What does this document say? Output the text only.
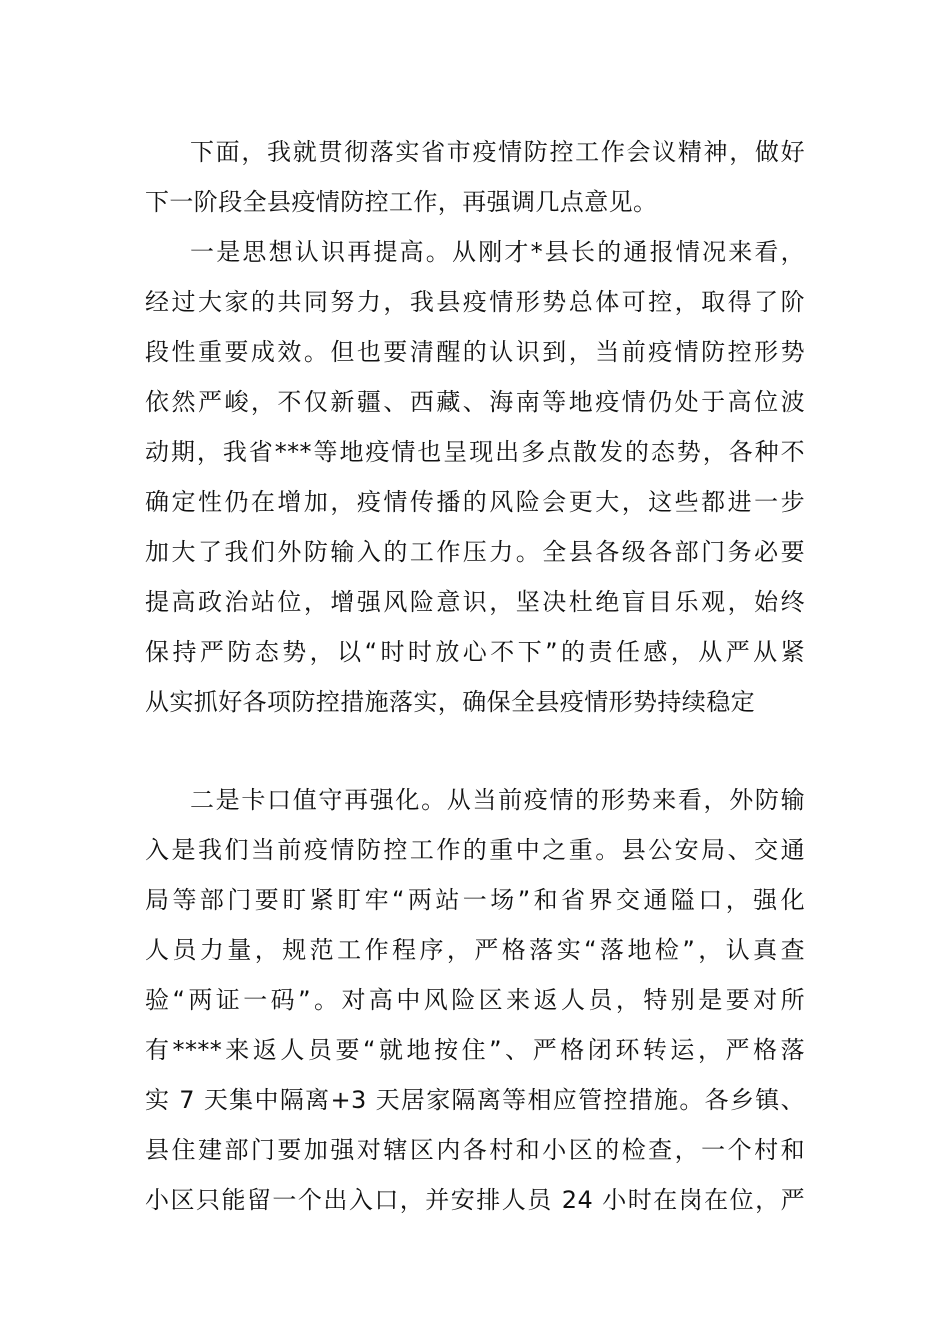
下面，我就贯彻落实省市疫情防控工作会议精神，做好
下一阶段全县疫情防控工作，再强调几点意见。
一是思想认识再提高。从刚才*县长的通报情况来看，
经过大家的共同努力，我县疫情形势总体可控，取得了阶
段性重要成效。但也要清醒的认识到，当前疫情防控形势
依然严峻，不仅新疆、西藏、海南等地疫情仍处于高位波
动期，我省***等地疫情也呈现出多点散发的态势，各种不
确定性仍在增加，疫情传播的风险会更大，这些都进一步
加大了我们外防输入的工作压力。全县各级各部门务必要
提高政治站位，增强风险意识，坚决杜绝盲目乐观，始终
保持严防态势，以“时时放心不下”的责任感，从严从紧
从实抓好各项防控措施落实，确保全县疫情形势持续稳定
二是卡口值守再强化。从当前疫情的形势来看，外防输
入是我们当前疫情防控工作的重中之重。县公安局、交通
局等部门要盯紧盯牢“两站一场”和省界交通隘口，强化
人员力量，规范工作程序，严格落实“落地检”，认真查
验“两证一码”。对高中风险区来返人员，特别是要对所
有****来返人员要“就地按住”、严格闭环转运，严格落
实 7 天集中隔离+3 天居家隔离等相应管控措施。各乡镇、
县住建部门要加强对辖区内各村和小区的检查，一个村和
小区只能留一个出入口，并安排人员 24 小时在岗在位，严
